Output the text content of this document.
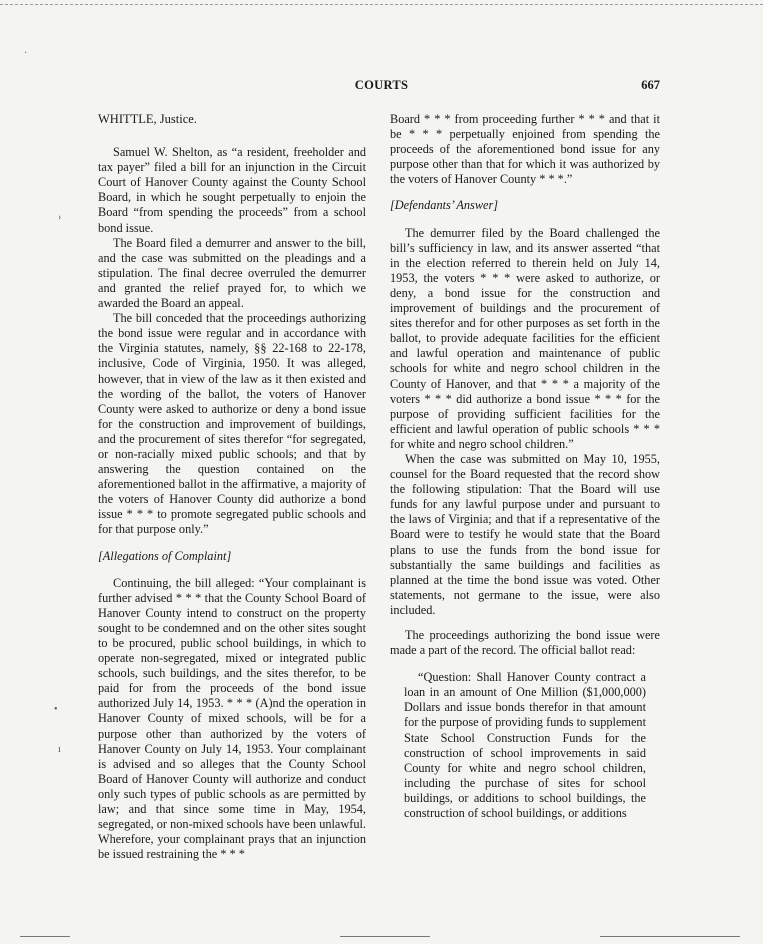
COURTS	667
·
›
•
ı

WHITTLE, Justice.

Samuel W. Shelton, as “a resident, freeholder and tax payer” filed a bill for an injunction in the Circuit Court of Hanover County against the County School Board, in which he sought perpetually to enjoin the Board “from spending the proceeds” from a school bond issue.

The Board filed a demurrer and answer to the bill, and the case was submitted on the pleadings and a stipulation. The final decree overruled the demurrer and granted the relief prayed for, to which we awarded the Board an appeal.

The bill conceded that the proceedings authorizing the bond issue were regular and in accordance with the Virginia statutes, namely, §§ 22-168 to 22-178, inclusive, Code of Virginia, 1950. It was alleged, however, that in view of the law as it then existed and the wording of the ballot, the voters of Hanover County were asked to authorize or deny a bond issue for the construction and improvement of buildings, and the procurement of sites therefor “for segregated, or non-racially mixed public schools; and that by answering the question contained on the aforementioned ballot in the affirmative, a majority of the voters of Hanover County did authorize a bond issue * * * to promote segregated public schools and for that purpose only.”

[Allegations of Complaint]

Continuing, the bill alleged: “Your complainant is further advised * * * that the County School Board of Hanover County intend to construct on the property sought to be condemned and on the other sites sought to be procured, public school buildings, in which to operate non-segregated, mixed or integrated public schools, such buildings, and the sites therefor, to be paid for from the proceeds of the bond issue authorized July 14, 1953. * * * (A)nd the operation in Hanover County of mixed schools, will be for a purpose other than authorized by the voters of Hanover County on July 14, 1953. Your complainant is advised and so alleges that the County School Board of Hanover County will authorize and conduct only such types of public schools as are permitted by law; and that since some time in May, 1954, segregated, or non-mixed schools have been unlawful. Wherefore, your complainant prays that an injunction be issued restraining the * * *

Board * * * from proceeding further * * * and that it be * * * perpetually enjoined from spending the proceeds of the aforementioned bond issue for any purpose other than that for which it was authorized by the voters of Hanover County * * *.”

[Defendants’ Answer]

The demurrer filed by the Board challenged the bill’s sufficiency in law, and its answer asserted “that in the election referred to therein held on July 14, 1953, the voters * * * were asked to authorize, or deny, a bond issue for the construction and improvement of buildings and the procurement of sites therefor and for other purposes as set forth in the ballot, to provide adequate facilities for the efficient and lawful operation and maintenance of public schools for white and negro school children in the County of Hanover, and that * * * a majority of the voters * * * did authorize a bond issue * * * for the purpose of providing sufficient facilities for the efficient and lawful operation of public schools * * * for white and negro school children.”

When the case was submitted on May 10, 1955, counsel for the Board requested that the record show the following stipulation: That the Board will use funds for any lawful purpose under and pursuant to the laws of Virginia; and that if a representative of the Board were to testify he would state that the Board plans to use the funds from the bond issue for substantially the same buildings and facilities as planned at the time the bond issue was voted. Other statements, not germane to the issue, were also included.

The proceedings authorizing the bond issue were made a part of the record. The official ballot read:

“Question: Shall Hanover County contract a loan in an amount of One Million ($1,000,000) Dollars and issue bonds therefor in that amount for the purpose of providing funds to supplement State School Construction Funds for the construction of school improvements in said County for white and negro school children, including the purchase of sites for school buildings, or additions to school buildings, the construction of school buildings, or additions
